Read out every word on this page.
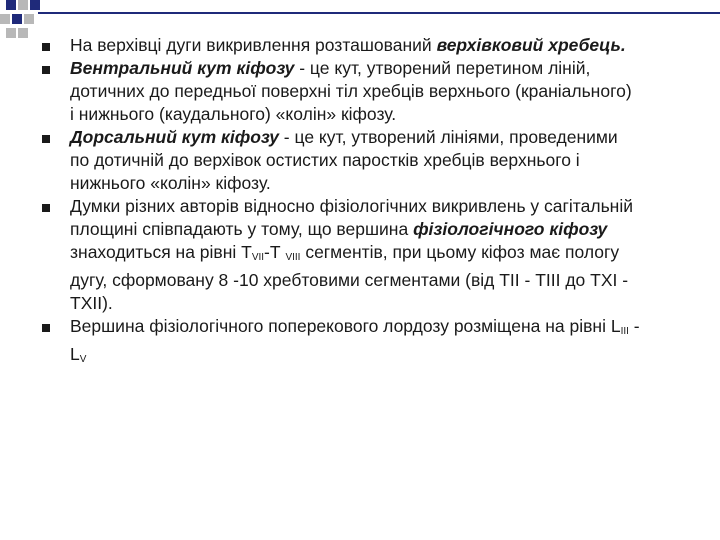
На верхівці дуги викривлення розташований верхівковий хребець.
Вентральний кут кіфозу - це кут, утворений перетином ліній, дотичних до передньої поверхні тіл хребців верхнього (краніального) і нижнього (каудального) «колін» кіфозу.
Дорсальний кут кіфозу - це кут, утворений лініями, проведеними по дотичній до верхівок остистих паростків хребців верхнього і нижнього «колін» кіфозу.
Думки різних авторів відносно фізіологічних викривлень у сагітальній площині співпадають у тому, що вершина фізіологічного кіфозу знаходиться на рівні $Т_{VII}-Т$ $_{VIII}$ сегментів, при цьому кіфоз має пологу дугу, сформовану 8 -10 хребтовими сегментами (від ТII - ТIII до ТXI - ТXII).
Вершина фізіологічного поперекового лордозу розміщена на рівні $L_{III} - L_V$
